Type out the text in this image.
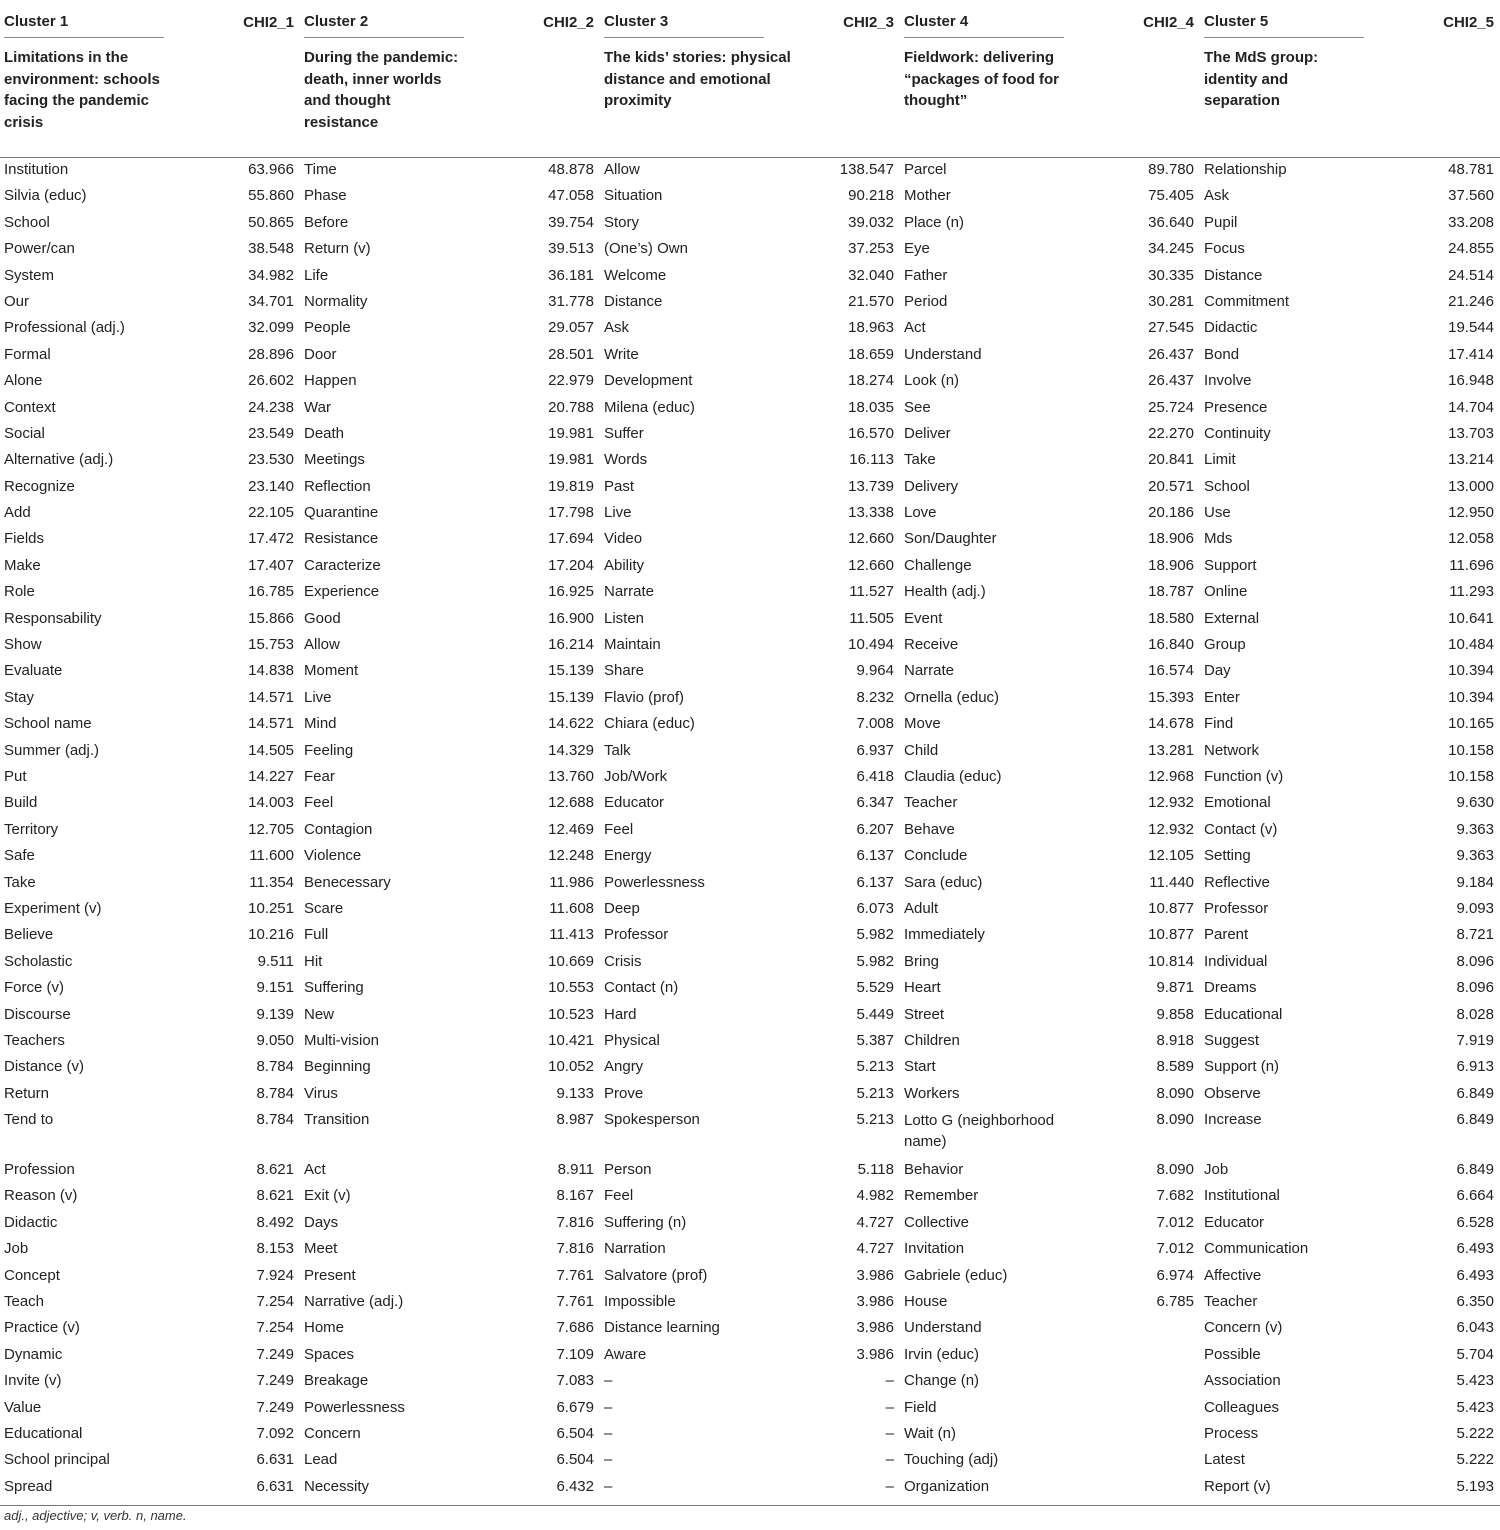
Cluster 1	CHI2_1	Cluster 2	CHI2_2	Cluster 3	CHI2_3	Cluster 4	CHI2_4	Cluster 5	CHI2_5
Limitations in the environment: schools facing the pandemic crisis		During the pandemic: death, inner worlds and thought resistance		The kids’ stories: physical distance and emotional proximity		Fieldwork: delivering “packages of food for thought”		The MdS group: identity and separation	
Institution	63.966	Time	48.878	Allow	138.547	Parcel	89.780	Relationship	48.781
Silvia (educ)	55.860	Phase	47.058	Situation	90.218	Mother	75.405	Ask	37.560
School	50.865	Before	39.754	Story	39.032	Place (n)	36.640	Pupil	33.208
Power/can	38.548	Return (v)	39.513	(One’s) Own	37.253	Eye	34.245	Focus	24.855
System	34.982	Life	36.181	Welcome	32.040	Father	30.335	Distance	24.514
Our	34.701	Normality	31.778	Distance	21.570	Period	30.281	Commitment	21.246
Professional (adj.)	32.099	People	29.057	Ask	18.963	Act	27.545	Didactic	19.544
Formal	28.896	Door	28.501	Write	18.659	Understand	26.437	Bond	17.414
Alone	26.602	Happen	22.979	Development	18.274	Look (n)	26.437	Involve	16.948
Context	24.238	War	20.788	Milena (educ)	18.035	See	25.724	Presence	14.704
Social	23.549	Death	19.981	Suffer	16.570	Deliver	22.270	Continuity	13.703
Alternative (adj.)	23.530	Meetings	19.981	Words	16.113	Take	20.841	Limit	13.214
Recognize	23.140	Reflection	19.819	Past	13.739	Delivery	20.571	School	13.000
Add	22.105	Quarantine	17.798	Live	13.338	Love	20.186	Use	12.950
Fields	17.472	Resistance	17.694	Video	12.660	Son/Daughter	18.906	Mds	12.058
Make	17.407	Caracterize	17.204	Ability	12.660	Challenge	18.906	Support	11.696
Role	16.785	Experience	16.925	Narrate	11.527	Health (adj.)	18.787	Online	11.293
Responsability	15.866	Good	16.900	Listen	11.505	Event	18.580	External	10.641
Show	15.753	Allow	16.214	Maintain	10.494	Receive	16.840	Group	10.484
Evaluate	14.838	Moment	15.139	Share	9.964	Narrate	16.574	Day	10.394
Stay	14.571	Live	15.139	Flavio (prof)	8.232	Ornella (educ)	15.393	Enter	10.394
School name	14.571	Mind	14.622	Chiara (educ)	7.008	Move	14.678	Find	10.165
Summer (adj.)	14.505	Feeling	14.329	Talk	6.937	Child	13.281	Network	10.158
Put	14.227	Fear	13.760	Job/Work	6.418	Claudia (educ)	12.968	Function (v)	10.158
Build	14.003	Feel	12.688	Educator	6.347	Teacher	12.932	Emotional	9.630
Territory	12.705	Contagion	12.469	Feel	6.207	Behave	12.932	Contact (v)	9.363
Safe	11.600	Violence	12.248	Energy	6.137	Conclude	12.105	Setting	9.363
Take	11.354	Benecessary	11.986	Powerlessness	6.137	Sara (educ)	11.440	Reflective	9.184
Experiment (v)	10.251	Scare	11.608	Deep	6.073	Adult	10.877	Professor	9.093
Believe	10.216	Full	11.413	Professor	5.982	Immediately	10.877	Parent	8.721
Scholastic	9.511	Hit	10.669	Crisis	5.982	Bring	10.814	Individual	8.096
Force (v)	9.151	Suffering	10.553	Contact (n)	5.529	Heart	9.871	Dreams	8.096
Discourse	9.139	New	10.523	Hard	5.449	Street	9.858	Educational	8.028
Teachers	9.050	Multi-vision	10.421	Physical	5.387	Children	8.918	Suggest	7.919
Distance (v)	8.784	Beginning	10.052	Angry	5.213	Start	8.589	Support (n)	6.913
Return	8.784	Virus	9.133	Prove	5.213	Workers	8.090	Observe	6.849
Tend to	8.784	Transition	8.987	Spokesperson	5.213	Lotto G (neighborhood name)	8.090	Increase	6.849
Profession	8.621	Act	8.911	Person	5.118	Behavior	8.090	Job	6.849
Reason (v)	8.621	Exit (v)	8.167	Feel	4.982	Remember	7.682	Institutional	6.664
Didactic	8.492	Days	7.816	Suffering (n)	4.727	Collective	7.012	Educator	6.528
Job	8.153	Meet	7.816	Narration	4.727	Invitation	7.012	Communication	6.493
Concept	7.924	Present	7.761	Salvatore (prof)	3.986	Gabriele (educ)	6.974	Affective	6.493
Teach	7.254	Narrative (adj.)	7.761	Impossible	3.986	House	6.785	Teacher	6.350
Practice (v)	7.254	Home	7.686	Distance learning	3.986	Understand		Concern (v)	6.043
Dynamic	7.249	Spaces	7.109	Aware	3.986	Irvin (educ)		Possible	5.704
Invite (v)	7.249	Breakage	7.083	–	–	Change (n)		Association	5.423
Value	7.249	Powerlessness	6.679	–	–	Field		Colleagues	5.423
Educational	7.092	Concern	6.504	–	–	Wait (n)		Process	5.222
School principal	6.631	Lead	6.504	–	–	Touching (adj)		Latest	5.222
Spread	6.631	Necessity	6.432	–	–	Organization		Report (v)	5.193
adj., adjective; v, verb. n, name.
